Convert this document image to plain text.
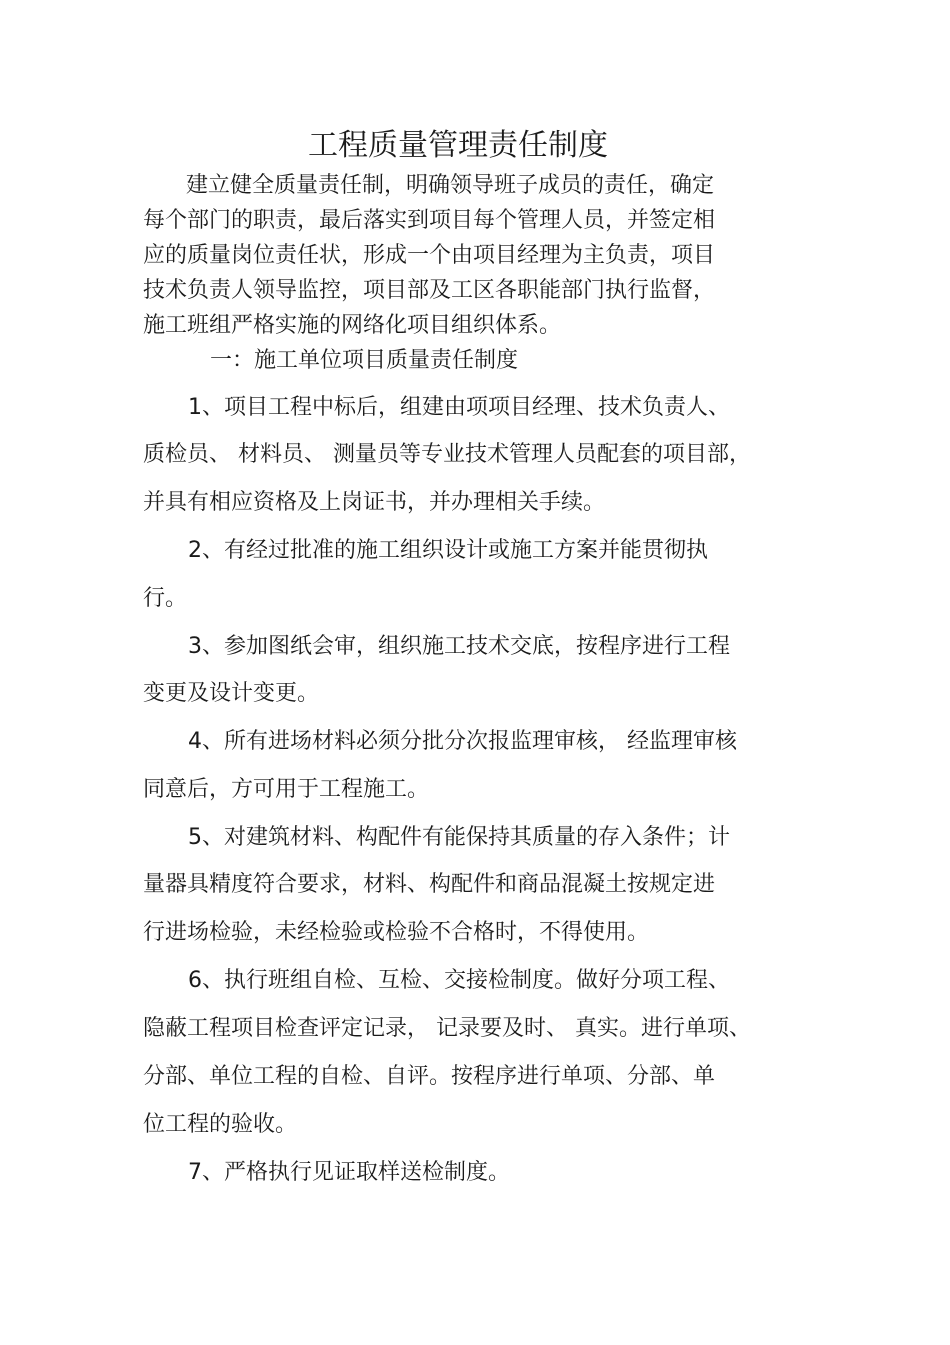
工程质量管理责任制度

建立健全质量责任制，明确领导班子成员的责任，确定

每个部门的职责，最后落实到项目每个管理人员，并签定相

应的质量岗位责任状，形成一个由项目经理为主负责，项目

技术负责人领导监控，项目部及工区各职能部门执行监督，

施工班组严格实施的网络化项目组织体系。

一：施工单位项目质量责任制度

1、项目工程中标后，组建由项项目经理、技术负责人、

质检员、 材料员、 测量员等专业技术管理人员配套的项目部，

并具有相应资格及上岗证书，并办理相关手续。

2、有经过批准的施工组织设计或施工方案并能贯彻执

行。

3、参加图纸会审，组织施工技术交底，按程序进行工程

变更及设计变更。

4、所有进场材料必须分批分次报监理审核， 经监理审核

同意后，方可用于工程施工。

5、对建筑材料、构配件有能保持其质量的存入条件；计

量器具精度符合要求，材料、构配件和商品混凝土按规定进

行进场检验，未经检验或检验不合格时，不得使用。

6、执行班组自检、互检、交接检制度。做好分项工程、

隐蔽工程项目检查评定记录， 记录要及时、 真实。进行单项、

分部、单位工程的自检、自评。按程序进行单项、分部、单

位工程的验收。

7、严格执行见证取样送检制度。
